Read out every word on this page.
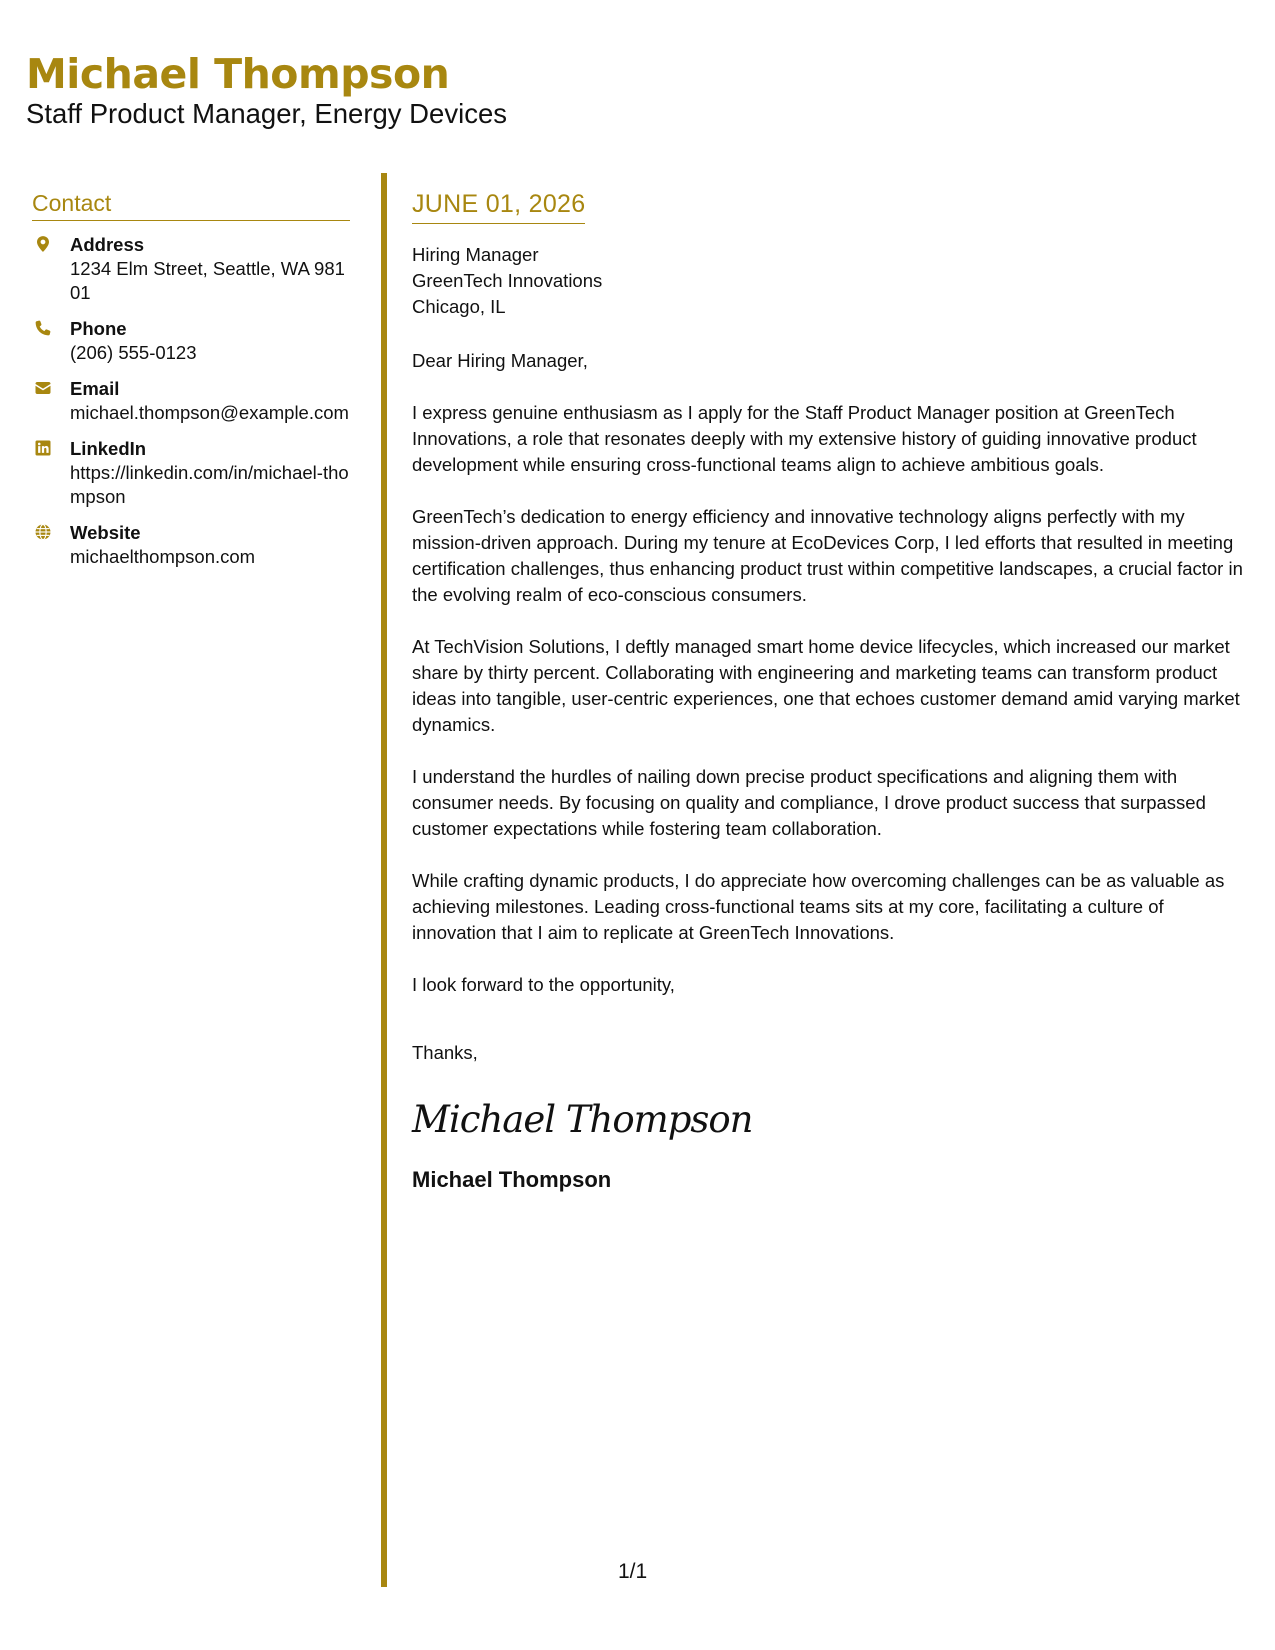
Michael Thompson
Staff Product Manager, Energy Devices
Contact
Address
1234 Elm Street, Seattle, WA 98101
Phone
(206) 555-0123
Email
michael.thompson@example.com
LinkedIn
https://linkedin.com/in/michael-thompson
Website
michaelthompson.com
JUNE 01, 2026
Hiring Manager
GreenTech Innovations
Chicago, IL
Dear Hiring Manager,
I express genuine enthusiasm as I apply for the Staff Product Manager position at GreenTech Innovations, a role that resonates deeply with my extensive history of guiding innovative product development while ensuring cross-functional teams align to achieve ambitious goals.
GreenTech’s dedication to energy efficiency and innovative technology aligns perfectly with my mission-driven approach. During my tenure at EcoDevices Corp, I led efforts that resulted in meeting certification challenges, thus enhancing product trust within competitive landscapes, a crucial factor in the evolving realm of eco-conscious consumers.
At TechVision Solutions, I deftly managed smart home device lifecycles, which increased our market share by thirty percent. Collaborating with engineering and marketing teams can transform product ideas into tangible, user-centric experiences, one that echoes customer demand amid varying market dynamics.
I understand the hurdles of nailing down precise product specifications and aligning them with consumer needs. By focusing on quality and compliance, I drove product success that surpassed customer expectations while fostering team collaboration.
While crafting dynamic products, I do appreciate how overcoming challenges can be as valuable as achieving milestones. Leading cross-functional teams sits at my core, facilitating a culture of innovation that I aim to replicate at GreenTech Innovations.
I look forward to the opportunity,
Thanks,
Michael Thompson
Michael Thompson
1/1
